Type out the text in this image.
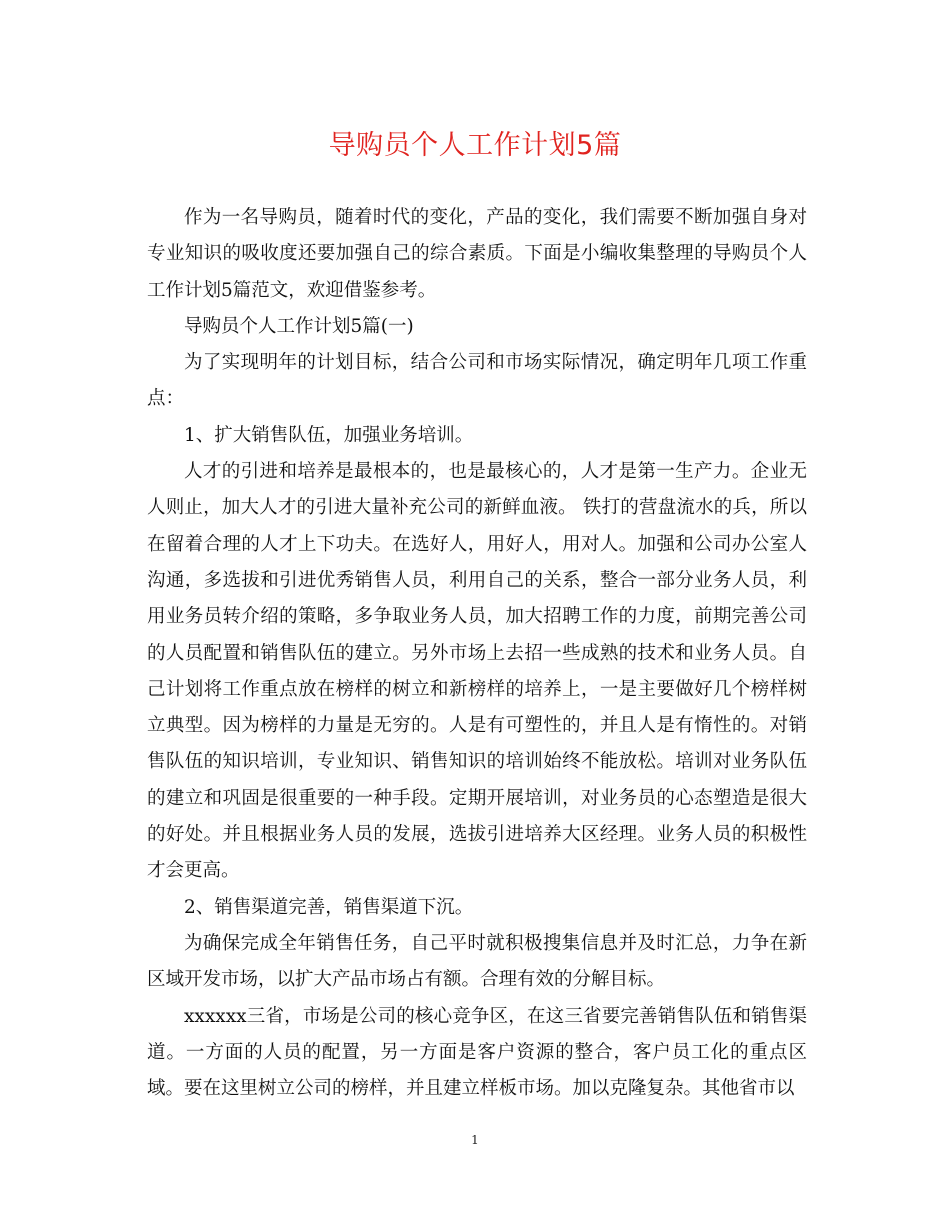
导购员个人工作计划5篇

作为一名导购员，随着时代的变化，产品的变化，我们需要不断加强自身对专业知识的吸收度还要加强自己的综合素质。下面是小编收集整理的导购员个人工作计划5篇范文，欢迎借鉴参考。

导购员个人工作计划5篇(一)

为了实现明年的计划目标，结合公司和市场实际情况，确定明年几项工作重点：

1、扩大销售队伍，加强业务培训。

人才的引进和培养是最根本的，也是最核心的，人才是第一生产力。企业无人则止，加大人才的引进大量补充公司的新鲜血液。 铁打的营盘流水的兵，所以在留着合理的人才上下功夫。在选好人，用好人，用对人。加强和公司办公室人沟通，多选拔和引进优秀销售人员，利用自己的关系，整合一部分业务人员，利用业务员转介绍的策略，多争取业务人员，加大招聘工作的力度，前期完善公司的人员配置和销售队伍的建立。另外市场上去招一些成熟的技术和业务人员。自己计划将工作重点放在榜样的树立和新榜样的培养上，一是主要做好几个榜样树立典型。因为榜样的力量是无穷的。人是有可塑性的，并且人是有惰性的。对销售队伍的知识培训，专业知识、销售知识的培训始终不能放松。培训对业务队伍的建立和巩固是很重要的一种手段。定期开展培训，对业务员的心态塑造是很大的好处。并且根据业务人员的发展，选拔引进培养大区经理。业务人员的积极性才会更高。

2、销售渠道完善，销售渠道下沉。

为确保完成全年销售任务，自己平时就积极搜集信息并及时汇总，力争在新区域开发市场，以扩大产品市场占有额。合理有效的分解目标。

xxxxxx三省，市场是公司的核心竞争区，在这三省要完善销售队伍和销售渠道。一方面的人员的配置，另一方面是客户资源的整合，客户员工化的重点区域。要在这里树立公司的榜样，并且建立样板市场。加以克隆复杂。其他省市以

1
